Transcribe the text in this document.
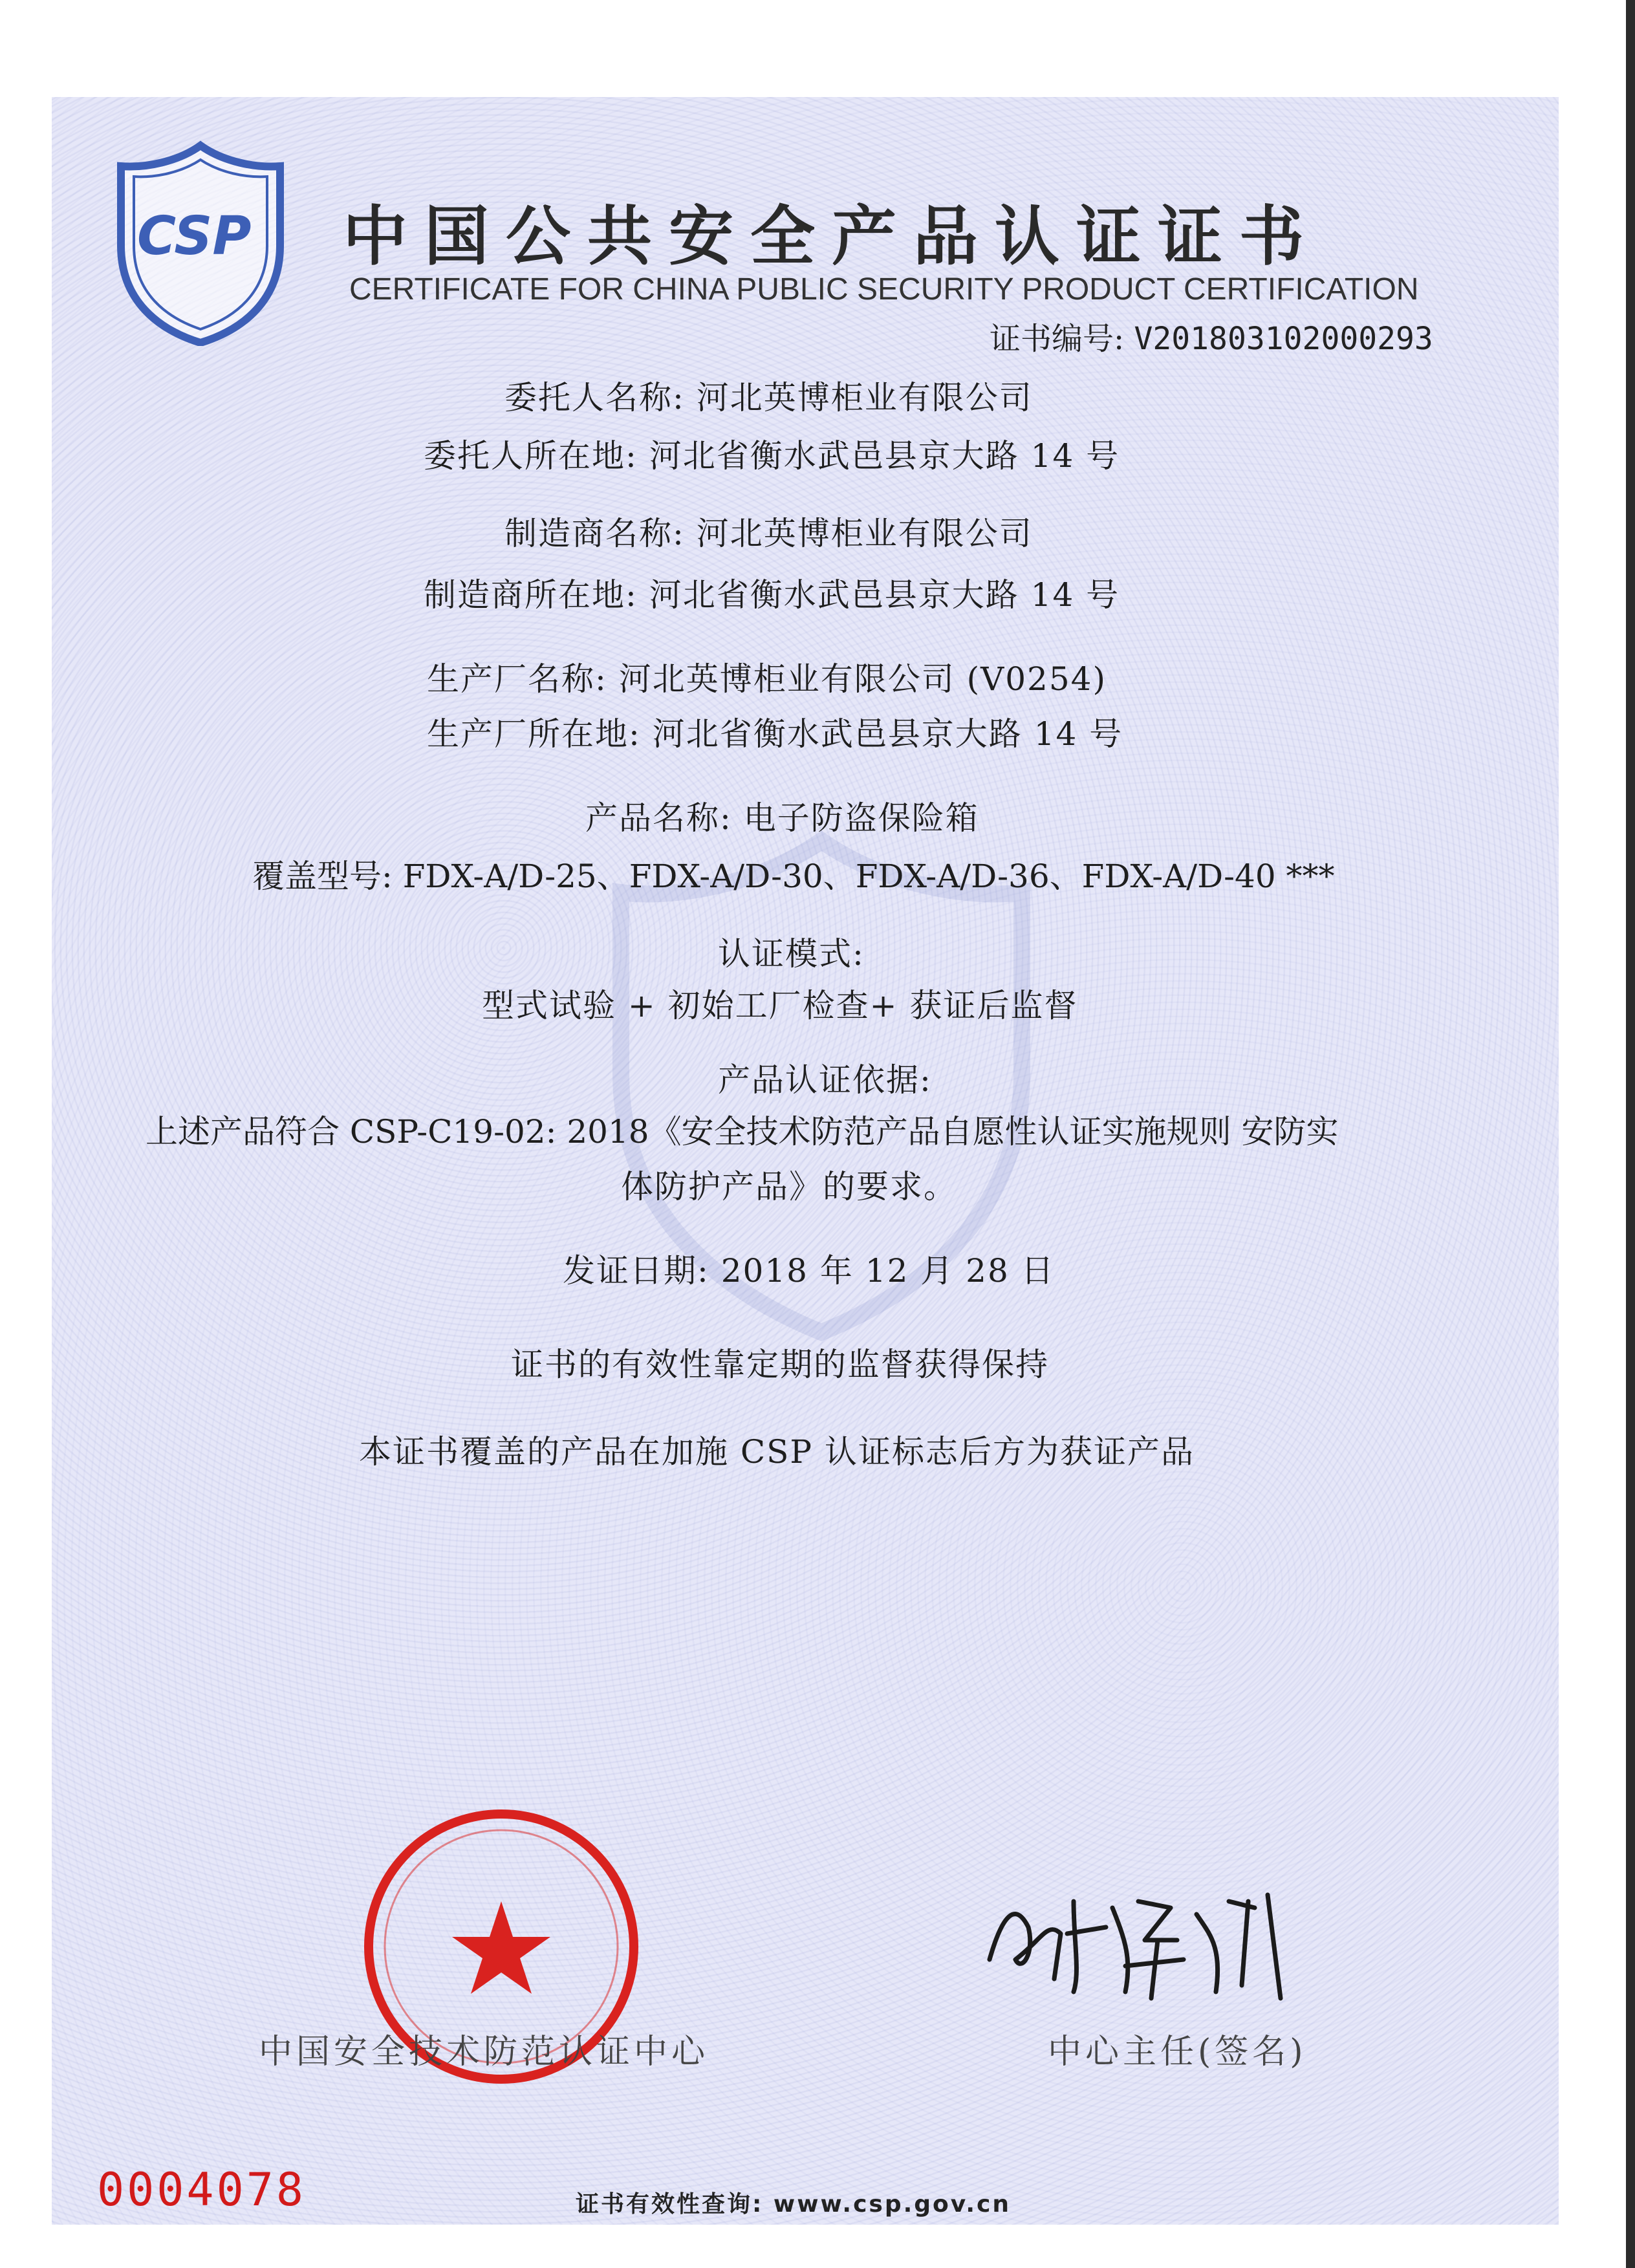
CSP 中国公共安全产品认证证书
CERTIFICATE FOR CHINA PUBLIC SECURITY PRODUCT CERTIFICATION
证书编号: V201803102000293
委托人名称: 河北英博柜业有限公司
委托人所在地: 河北省衡水武邑县京大路 14 号
制造商名称: 河北英博柜业有限公司
制造商所在地: 河北省衡水武邑县京大路 14 号
生产厂名称: 河北英博柜业有限公司 (V0254)
生产厂所在地: 河北省衡水武邑县京大路 14 号
产品名称: 电子防盗保险箱
覆盖型号: FDX-A/D-25、FDX-A/D-30、FDX-A/D-36、FDX-A/D-40 ***
认证模式:
型式试验 + 初始工厂检查+ 获证后监督
产品认证依据:
上述产品符合 CSP-C19-02: 2018《安全技术防范产品自愿性认证实施规则 安防实
体防护产品》的要求。
发证日期: 2018 年 12 月 28 日
证书的有效性靠定期的监督获得保持
本证书覆盖的产品在加施 CSP 认证标志后方为获证产品
中国安全技术防范认证中心	中心主任(签名)
0004078	证书有效性查询: www.csp.gov.cn
